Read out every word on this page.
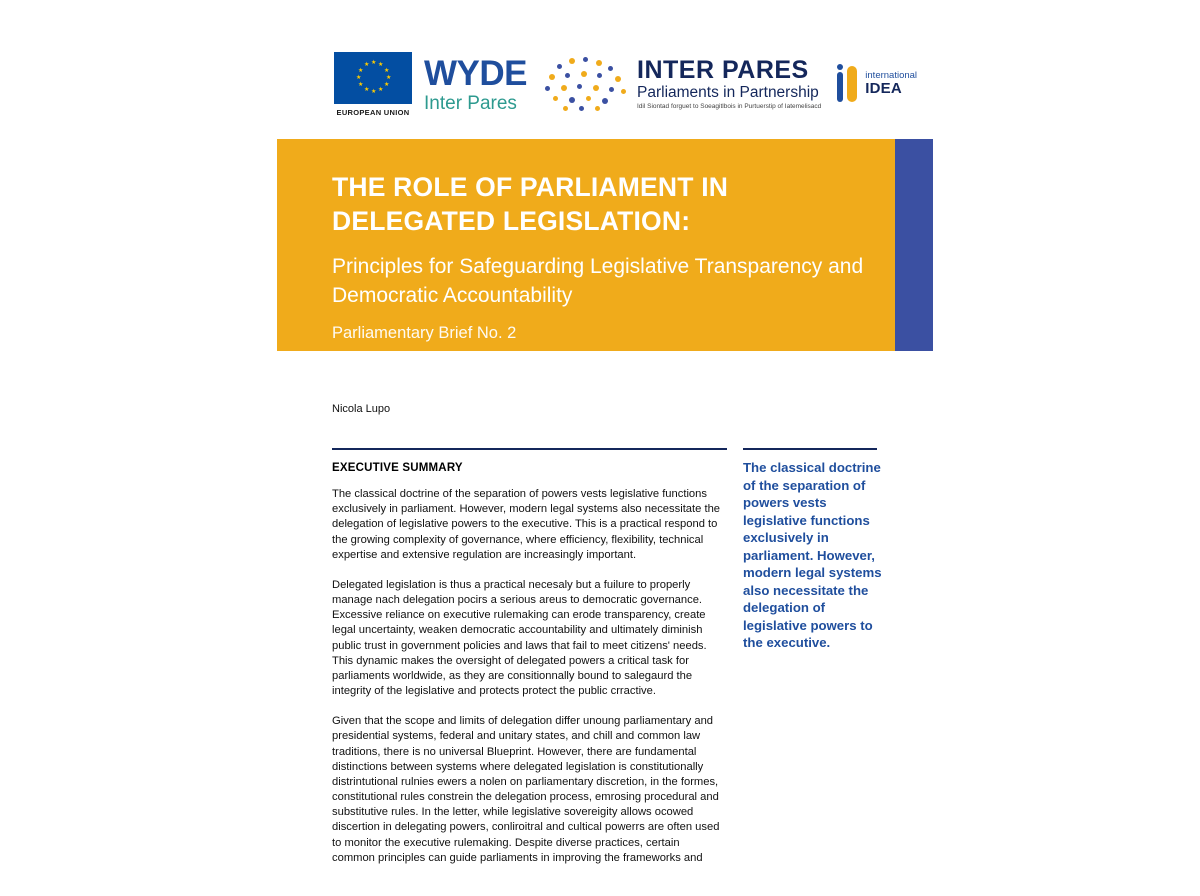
★ ★
★
★
★
★
★
★
★
★
★
★
EUROPEAN UNION
WYDE
Inter Pares
INTER PARES
Parliaments in Partnership
Idil Siontad forguet to Soeagitlbois in Purtuerstip of Iatemelisacd
international
IDEA
THE ROLE OF PARLIAMENT IN DELEGATED LEGISLATION:
Principles for Safeguarding Legislative Transparency and Democratic Accountability
Parliamentary Brief No. 2
Nicola Lupo
EXECUTIVE SUMMARY

The classical doctrine of the separation of powers vests legislative functions exclusively in parliament. However, modern legal systems also necessitate the delegation of legislative powers to the executive. This is a practical respond to the growing complexity of governance, where efficiency, flexibility, technical expertise and extensive regulation are increasingly important.

Delegated legislation is thus a practical necesaly but a fuilure to properly manage nach delegation pocirs a serious areus to democratic governance. Excessive reliance on executive rulemaking can erode transparency, create legal uncertainty, weaken democratic accountability and ultimately diminish public trust in government policies and laws that fail to meet citizens' needs. This dynamic makes the oversight of delegated powers a critical task for parliaments worldwide, as they are consitionnally bound to salegaurd the integrity of the legislative and protects protect the public crractive.

Given that the scope and limits of delegation differ unoung parliamentary and presidential systems, federal and unitary states, and chill and common law traditions, there is no universal Blueprint. However, there are fundamental distinctions between systems where delegated legislation is constitutionally distrintutional rulnies ewers a nolen on parliamentary discretion, in the formes, constitutional rules constrein the delegation process, emrosing procedural and substitutive rules. In the letter, while legislative sovereigity allows ocowed discertion in delegating powers, conliroitral and cultical powerrs are often used to monitor the executive rulemaking. Despite diverse practices, certain common principles can guide parliaments in improving the frameworks and

The classical doctrine of the separation of powers vests legislative functions exclusively in parliament. However, modern legal systems also necessitate the delegation of legislative powers to the executive.
